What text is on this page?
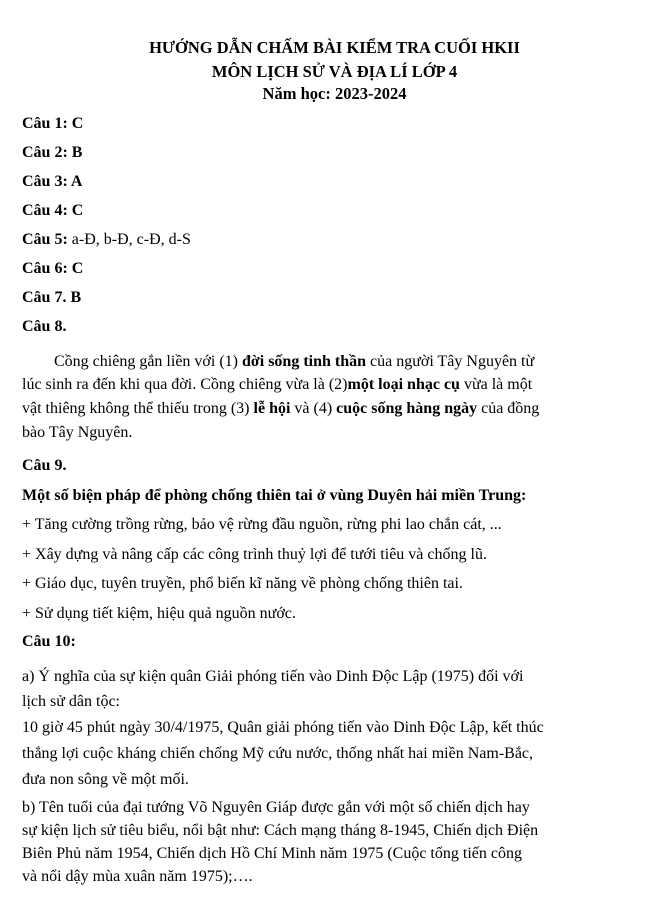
HƯỚNG DẪN CHẤM BÀI KIỂM TRA CUỐI HKII
MÔN LỊCH SỬ VÀ ĐỊA LÍ LỚP 4
Năm học: 2023-2024
Câu 1: C
Câu 2: B
Câu 3: A
Câu 4: C
Câu 5: a-Đ, b-Đ, c-Đ, d-S
Câu 6: C
Câu 7. B
Câu 8.
Cồng chiêng gắn liền với (1) đời sống tinh thần của người Tây Nguyên từ
lúc sinh ra đến khi qua đời. Cồng chiêng vừa là (2)một loại nhạc cụ vừa là một
vật thiêng không thể thiếu trong (3) lễ hội và (4) cuộc sống hàng ngày của đồng
bào Tây Nguyên.
Câu 9.
Một số biện pháp để phòng chống thiên tai ở vùng Duyên hải miền Trung:
+ Tăng cường trồng rừng, bảo vệ rừng đầu nguồn, rừng phi lao chắn cát, ...
+ Xây dựng và nâng cấp các công trình thuỷ lợi để tưới tiêu và chống lũ.
+ Giáo dục, tuyên truyền, phổ biến kĩ năng về phòng chống thiên tai.
+ Sử dụng tiết kiệm, hiệu quả nguồn nước.
Câu 10:
a) Ý nghĩa của sự kiện quân Giải phóng tiến vào Dinh Độc Lập (1975) đối với
lịch sử dân tộc:
10 giờ 45 phút ngày 30/4/1975, Quân giải phóng tiến vào Dinh Độc Lập, kết thúc
thắng lợi cuộc kháng chiến chống Mỹ cứu nước, thống nhất hai miền Nam-Bắc,
đưa non sông về một mối.
b) Tên tuổi của đại tướng Võ Nguyên Giáp được gắn với một số chiến dịch hay
sự kiện lịch sử tiêu biểu, nổi bật như: Cách mạng tháng 8-1945, Chiến dịch Điện
Biên Phủ năm 1954, Chiến dịch Hồ Chí Minh năm 1975 (Cuộc tổng tiến công
và nổi dậy mùa xuân năm 1975);….
